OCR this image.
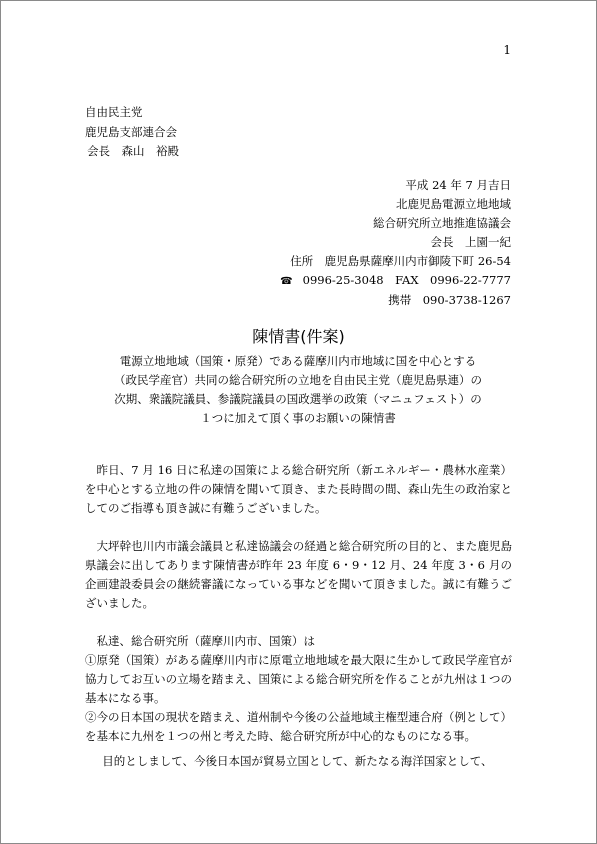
1
自由民主党
鹿児島支部連合会
会長　森山　裕殿
平成 24 年 7 月吉日
北鹿児島電源立地地域
総合研究所立地推進協議会
会長　上園一紀
住所　鹿児島県薩摩川内市御陵下町 26-54
☎ 0996-25-3048　FAX　0996-22-7777
携帯　090-3738-1267
陳情書(件案)
電源立地地域（国策・原発）である薩摩川内市地域に国を中心とする
（政民学産官）共同の総合研究所の立地を自由民主党（鹿児島県連）の
次期、衆議院議員、参議院議員の国政選挙の政策（マニュフェスト）の
１つに加えて頂く事のお願いの陳情書

昨日、7 月 16 日に私達の国策による総合研究所（新エネルギー・農林水産業）を中心とする立地の件の陳情を聞いて頂き、また長時間の間、森山先生の政治家としてのご指導も頂き誠に有難うございました。

大坪幹也川内市議会議員と私達協議会の経過と総合研究所の目的と、また鹿児島県議会に出してあります陳情書が昨年 23 年度 6・9・12 月、24 年度 3・6 月の企画建設委員会の継続審議になっている事などを聞いて頂きました。誠に有難うございました。

私達、総合研究所（薩摩川内市、国策）は

①原発（国策）がある薩摩川内市に原電立地地域を最大限に生かして政民学産官が協力してお互いの立場を踏まえ、国策による総合研究所を作ることが九州は１つの基本になる事。

②今の日本国の現状を踏まえ、道州制や今後の公益地域主権型連合府（例として）を基本に九州を１つの州と考えた時、総合研究所が中心的なものになる事。

目的としまして、今後日本国が貿易立国として、新たなる海洋国家として、
